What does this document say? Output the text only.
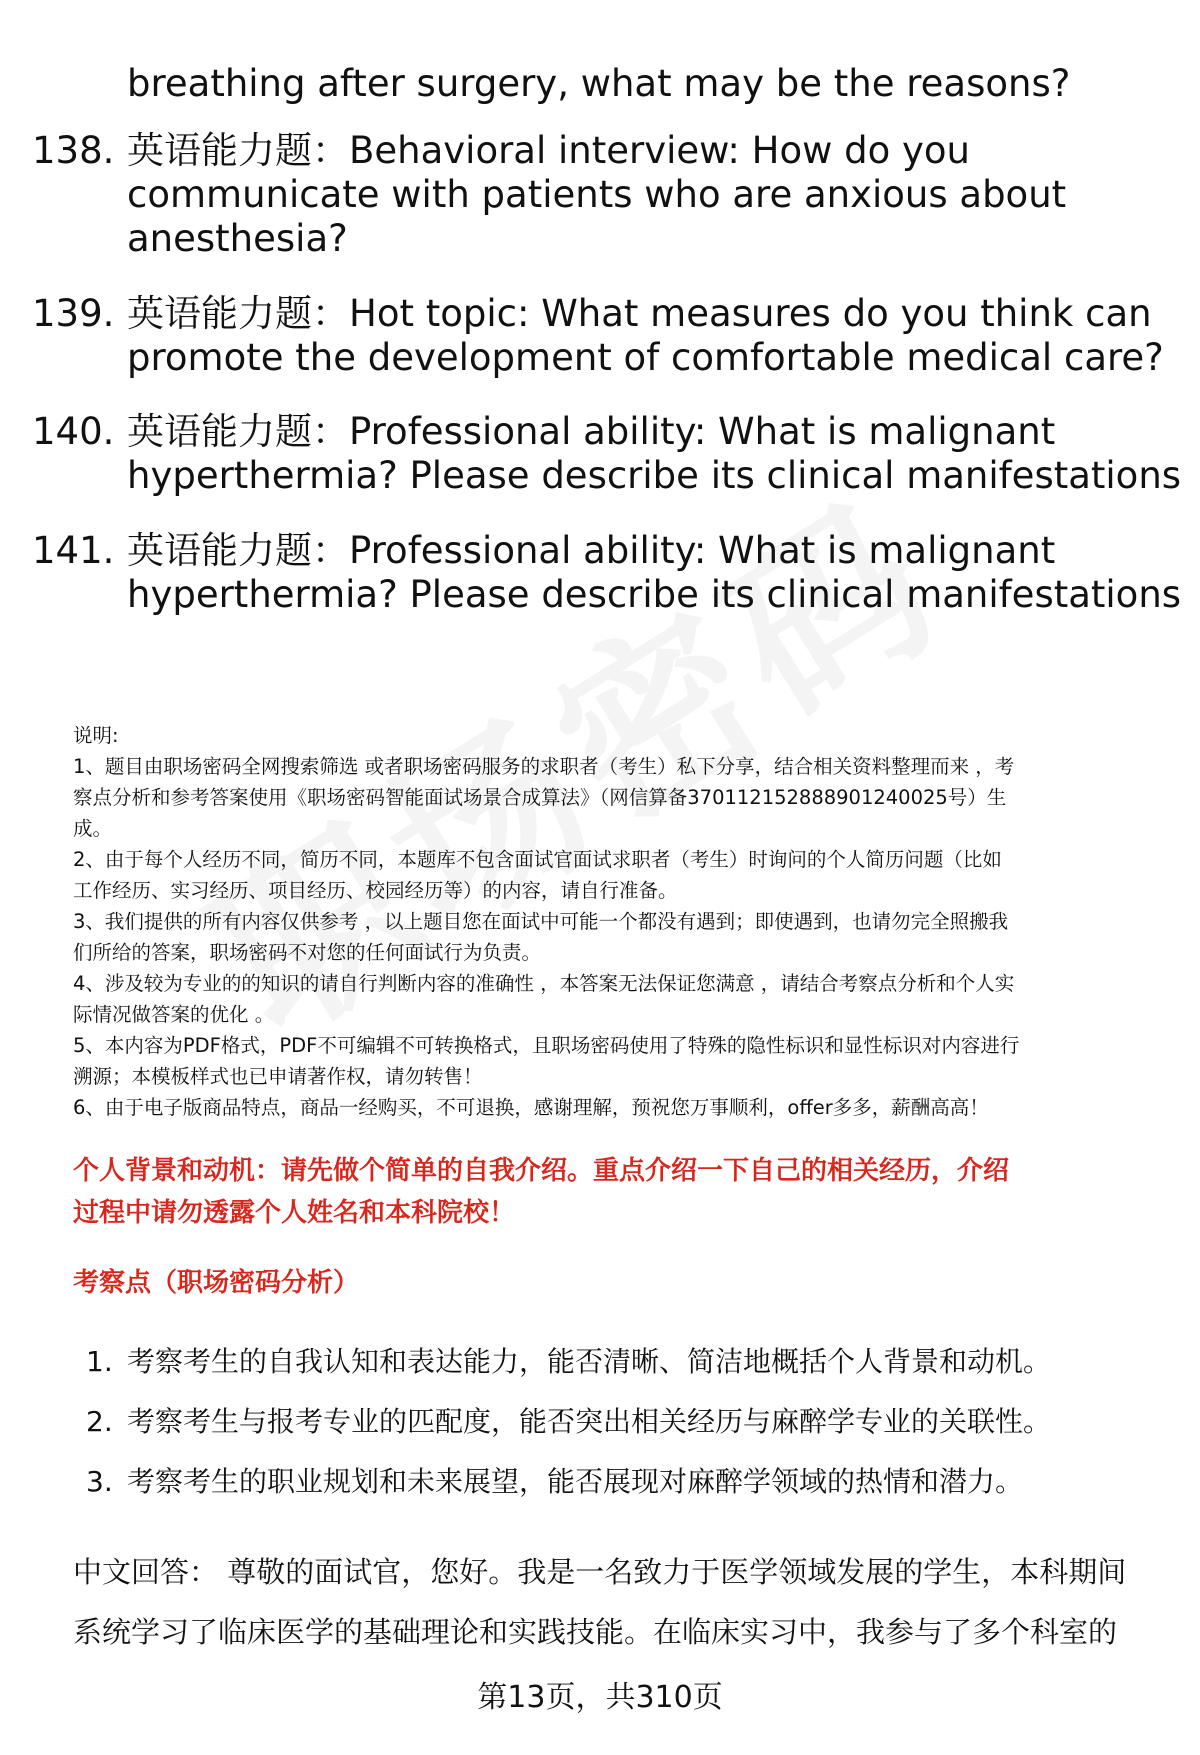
breathing after surgery, what may be the reasons?
138. 英语能力题：Behavioral interview: How do you
communicate with patients who are anxious about
anesthesia?
139. 英语能力题：Hot topic: What measures do you think can
promote the development of comfortable medical care?
140. 英语能力题：Professional ability: What is malignant
hyperthermia? Please describe its clinical manifestations
141. 英语能力题：Professional ability: What is malignant
hyperthermia? Please describe its clinical manifestations
说明:
1、题目由职场密码全网搜索筛选 或者职场密码服务的求职者（考生）私下分享，结合相关资料整理而来 ，考
察点分析和参考答案使用《职场密码智能面试场景合成算法》（网信算备370112152888901240025号）生
成。
2、由于每个人经历不同，简历不同，本题库不包含面试官面试求职者（考生）时询问的个人简历问题（比如
工作经历、实习经历、项目经历、校园经历等）的内容，请自行准备。
3、我们提供的所有内容仅供参考 ，以上题目您在面试中可能一个都没有遇到；即使遇到，也请勿完全照搬我
们所给的答案，职场密码不对您的任何面试行为负责。
4、涉及较为专业的的知识的请自行判断内容的准确性 ，本答案无法保证您满意 ，请结合考察点分析和个人实
际情况做答案的优化 。
5、本内容为PDF格式，PDF不可编辑不可转换格式，且职场密码使用了特殊的隐性标识和显性标识对内容进行
溯源；本模板样式也已申请著作权，请勿转售！
6、由于电子版商品特点，商品一经购买，不可退换，感谢理解，预祝您万事顺利，offer多多，薪酬高高！
个人背景和动机：请先做个简单的自我介绍。重点介绍一下自己的相关经历，介绍
过程中请勿透露个人姓名和本科院校！
考察点（职场密码分析）
1. 考察考生的自我认知和表达能力，能否清晰、简洁地概括个人背景和动机。
2. 考察考生与报考专业的匹配度，能否突出相关经历与麻醉学专业的关联性。
3. 考察考生的职业规划和未来展望，能否展现对麻醉学领域的热情和潜力。
中文回答： 尊敬的面试官，您好。我是一名致力于医学领域发展的学生，本科期间
系统学习了临床医学的基础理论和实践技能。在临床实习中，我参与了多个科室的
第13页，共310页
